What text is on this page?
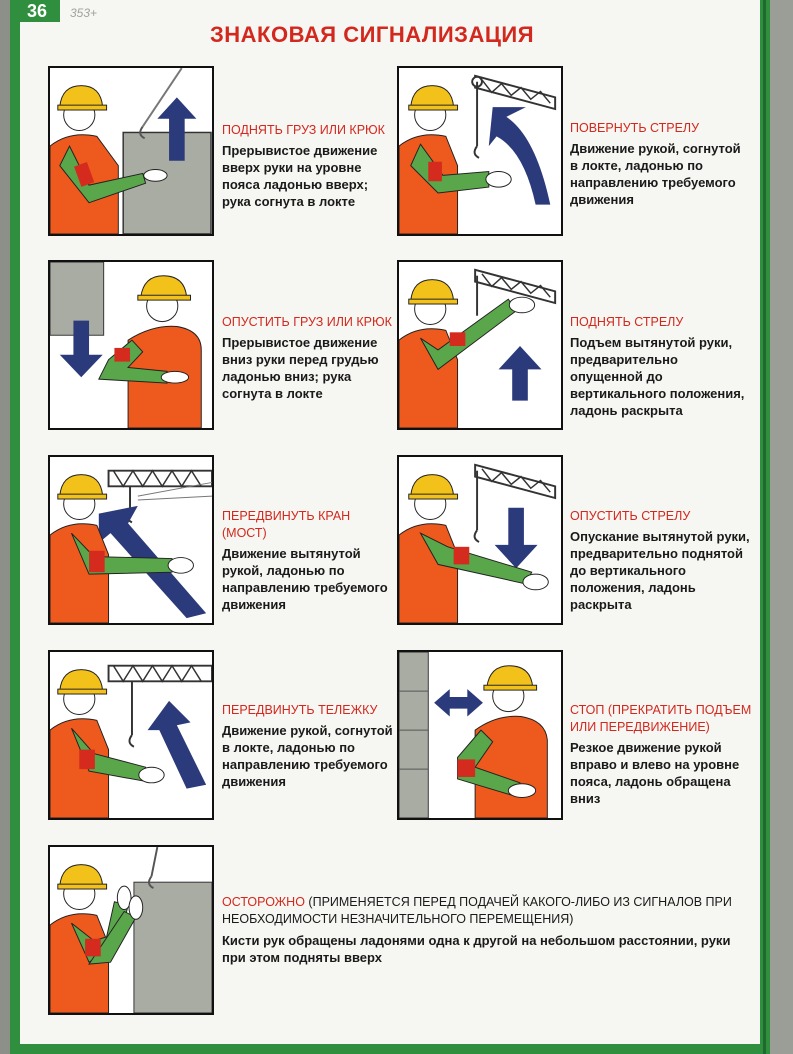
36	353+
ЗНАКОВАЯ СИГНАЛИЗАЦИЯ
ПОДНЯТЬ ГРУЗ ИЛИ КРЮК
Прерывистое движение вверх руки на уровне пояса ладонью вверх; рука согнута в локте
ПОВЕРНУТЬ СТРЕЛУ
Движение рукой, согнутой в локте, ладонью по направлению требуемого движения
ОПУСТИТЬ ГРУЗ ИЛИ КРЮК
Прерывистое движение вниз руки перед грудью ладонью вниз; рука согнута в локте
ПОДНЯТЬ СТРЕЛУ
Подъем вытянутой руки, предварительно опущенной до вертикального положения, ладонь раскрыта
ПЕРЕДВИНУТЬ КРАН (МОСТ)
Движение вытянутой рукой, ладонью по направлению требуемого движения
ОПУСТИТЬ СТРЕЛУ
Опускание вытянутой руки, предварительно поднятой до вертикального положения, ладонь раскрыта
ПЕРЕДВИНУТЬ ТЕЛЕЖКУ
Движение рукой, согнутой в локте, ладонью по направлению требуемого движения
СТОП (ПРЕКРАТИТЬ ПОДЪЕМ ИЛИ ПЕРЕДВИЖЕНИЕ)
Резкое движение рукой вправо и влево на уровне пояса, ладонь обращена вниз
ОСТОРОЖНО (ПРИМЕНЯЕТСЯ ПЕРЕД ПОДАЧЕЙ КАКОГО-ЛИБО ИЗ СИГНАЛОВ ПРИ НЕОБХОДИМОСТИ НЕЗНАЧИТЕЛЬНОГО ПЕРЕМЕЩЕНИЯ)
Кисти рук обращены ладонями одна к другой на небольшом расстоянии, руки при этом подняты вверх
